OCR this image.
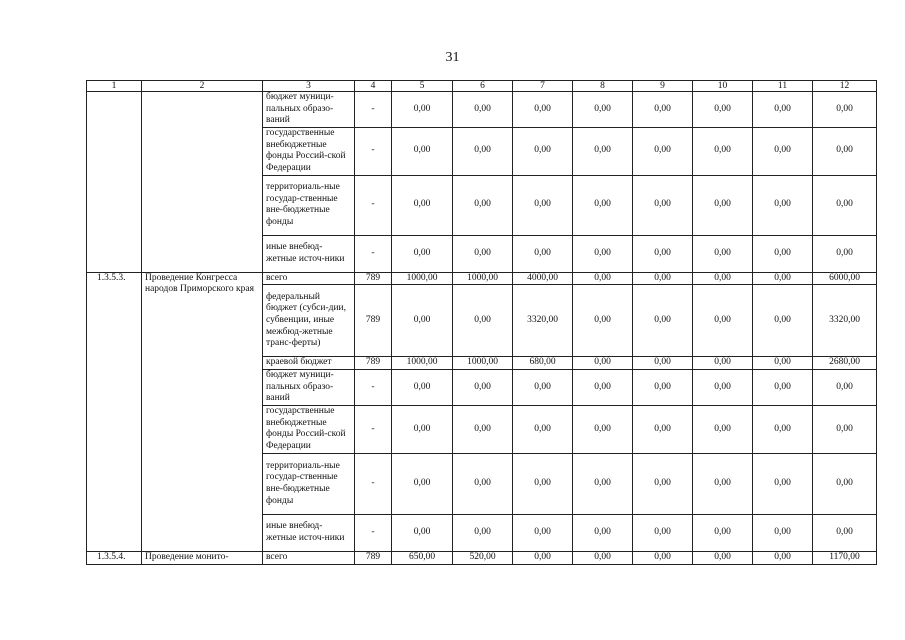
31
1	2	3	4	5	6	7	8	9	10	11	12
		бюджет муници-пальных образо-ваний	-	0,00	0,00	0,00	0,00	0,00	0,00	0,00	0,00
		государственные внебюджетные фонды Россий-ской Федерации	-	0,00	0,00	0,00	0,00	0,00	0,00	0,00	0,00
		территориаль-ные государ-ственные вне-бюджетные фонды	-	0,00	0,00	0,00	0,00	0,00	0,00	0,00	0,00
		иные внебюд-жетные источ-ники	-	0,00	0,00	0,00	0,00	0,00	0,00	0,00	0,00
1.3.5.3.	Проведение Конгресса народов Приморского края	всего	789	1000,00	1000,00	4000,00	0,00	0,00	0,00	0,00	6000,00
		федеральный бюджет (субси-дии, субвенции, иные межбюд-жетные транс-ферты)	789	0,00	0,00	3320,00	0,00	0,00	0,00	0,00	3320,00
		краевой бюджет	789	1000,00	1000,00	680,00	0,00	0,00	0,00	0,00	2680,00
		бюджет муници-пальных образо-ваний	-	0,00	0,00	0,00	0,00	0,00	0,00	0,00	0,00
		государственные внебюджетные фонды Россий-ской Федерации	-	0,00	0,00	0,00	0,00	0,00	0,00	0,00	0,00
		территориаль-ные государ-ственные вне-бюджетные фонды	-	0,00	0,00	0,00	0,00	0,00	0,00	0,00	0,00
		иные внебюд-жетные источ-ники	-	0,00	0,00	0,00	0,00	0,00	0,00	0,00	0,00
1.3.5.4.	Проведение монито-	всего	789	650,00	520,00	0,00	0,00	0,00	0,00	0,00	1170,00
